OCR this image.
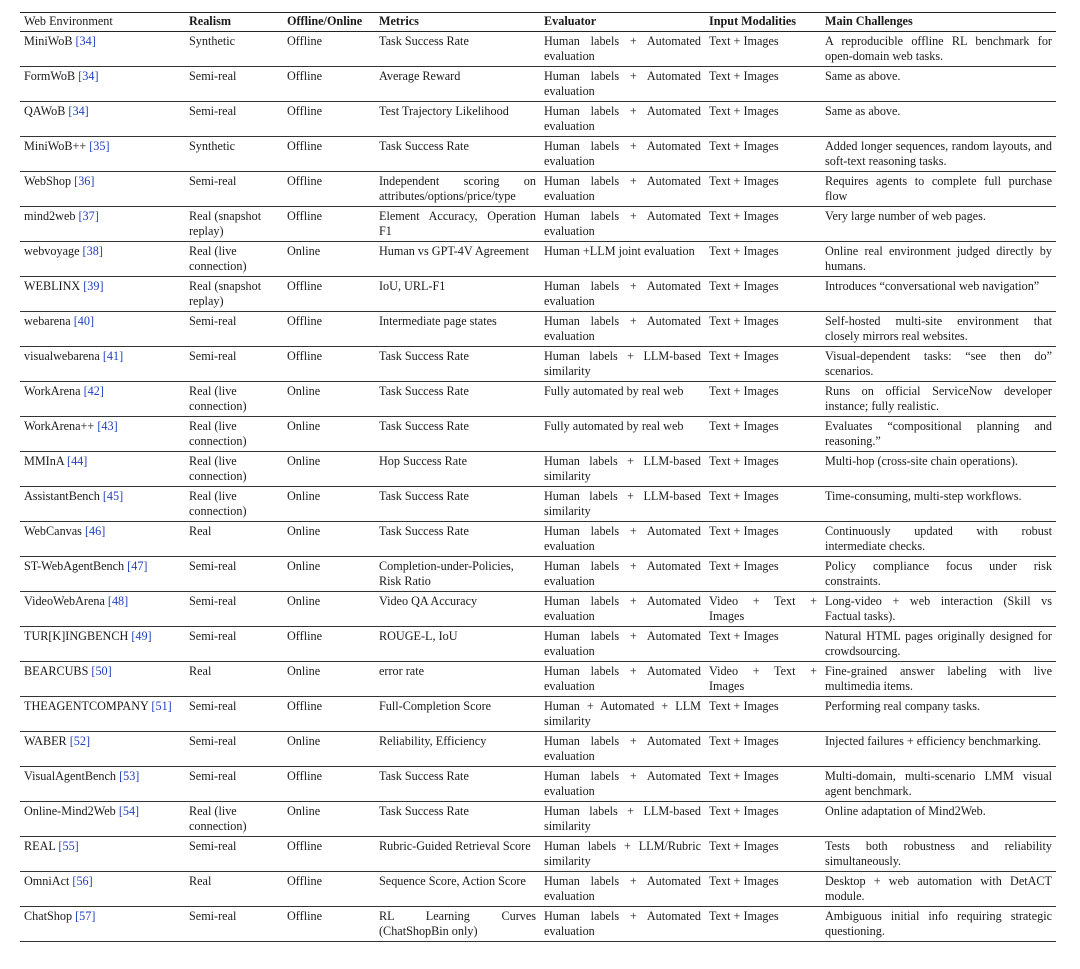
Web Environment	Realism	Offline/Online	Metrics	Evaluator	Input Modalities	Main Challenges
MiniWoB [34]	Synthetic	Offline	Task Success Rate	Human labels + Automated evaluation	Text + Images	A reproducible offline RL benchmark for open-domain web tasks.
FormWoB [34]	Semi-real	Offline	Average Reward	Human labels + Automated evaluation	Text + Images	Same as above.
QAWoB [34]	Semi-real	Offline	Test Trajectory Likelihood	Human labels + Automated evaluation	Text + Images	Same as above.
MiniWoB++ [35]	Synthetic	Offline	Task Success Rate	Human labels + Automated evaluation	Text + Images	Added longer sequences, random layouts, and soft-text reasoning tasks.
WebShop [36]	Semi-real	Offline	Independent scoring on attributes/options/price/type	Human labels + Automated evaluation	Text + Images	Requires agents to complete full purchase flow
mind2web [37]	Real (snapshot replay)	Offline	Element Accuracy, Operation F1	Human labels + Automated evaluation	Text + Images	Very large number of web pages.
webvoyage [38]	Real (live connection)	Online	Human vs GPT-4V Agreement	Human +LLM joint evaluation	Text + Images	Online real environment judged directly by humans.
WEBLINX [39]	Real (snapshot replay)	Offline	IoU, URL-F1	Human labels + Automated evaluation	Text + Images	Introduces “conversational web navigation”
webarena [40]	Semi-real	Offline	Intermediate page states	Human labels + Automated evaluation	Text + Images	Self-hosted multi-site environment that closely mirrors real websites.
visualwebarena [41]	Semi-real	Offline	Task Success Rate	Human labels + LLM-based similarity	Text + Images	Visual-dependent tasks: “see then do” scenarios.
WorkArena [42]	Real (live connection)	Online	Task Success Rate	Fully automated by real web	Text + Images	Runs on official ServiceNow developer instance; fully realistic.
WorkArena++ [43]	Real (live connection)	Online	Task Success Rate	Fully automated by real web	Text + Images	Evaluates “compositional planning and reasoning.”
MMInA [44]	Real (live connection)	Online	Hop Success Rate	Human labels + LLM-based similarity	Text + Images	Multi-hop (cross-site chain operations).
AssistantBench [45]	Real (live connection)	Online	Task Success Rate	Human labels + LLM-based similarity	Text + Images	Time-consuming, multi-step workflows.
WebCanvas [46]	Real	Online	Task Success Rate	Human labels + Automated evaluation	Text + Images	Continuously updated with robust intermediate checks.
ST-WebAgentBench [47]	Semi-real	Online	Completion-under-Policies, Risk Ratio	Human labels + Automated evaluation	Text + Images	Policy compliance focus under risk constraints.
VideoWebArena [48]	Semi-real	Online	Video QA Accuracy	Human labels + Automated evaluation	Video + Text + Images	Long-video + web interaction (Skill vs Factual tasks).
TUR[K]INGBENCH [49]	Semi-real	Offline	ROUGE-L, IoU	Human labels + Automated evaluation	Text + Images	Natural HTML pages originally designed for crowdsourcing.
BEARCUBS [50]	Real	Online	error rate	Human labels + Automated evaluation	Video + Text + Images	Fine-grained answer labeling with live multimedia items.
THEAGENTCOMPANY [51]	Semi-real	Offline	Full-Completion Score	Human + Automated + LLM similarity	Text + Images	Performing real company tasks.
WABER [52]	Semi-real	Online	Reliability, Efficiency	Human labels + Automated evaluation	Text + Images	Injected failures + efficiency benchmarking.
VisualAgentBench [53]	Semi-real	Offline	Task Success Rate	Human labels + Automated evaluation	Text + Images	Multi-domain, multi-scenario LMM visual agent benchmark.
Online-Mind2Web [54]	Real (live connection)	Online	Task Success Rate	Human labels + LLM-based similarity	Text + Images	Online adaptation of Mind2Web.
REAL [55]	Semi-real	Offline	Rubric-Guided Retrieval Score	Human labels + LLM/Rubric similarity	Text + Images	Tests both robustness and reliability simultaneously.
OmniAct [56]	Real	Offline	Sequence Score, Action Score	Human labels + Automated evaluation	Text + Images	Desktop + web automation with DetACT module.
ChatShop [57]	Semi-real	Offline	RL Learning Curves (ChatShopBin only)	Human labels + Automated evaluation	Text + Images	Ambiguous initial info requiring strategic questioning.
